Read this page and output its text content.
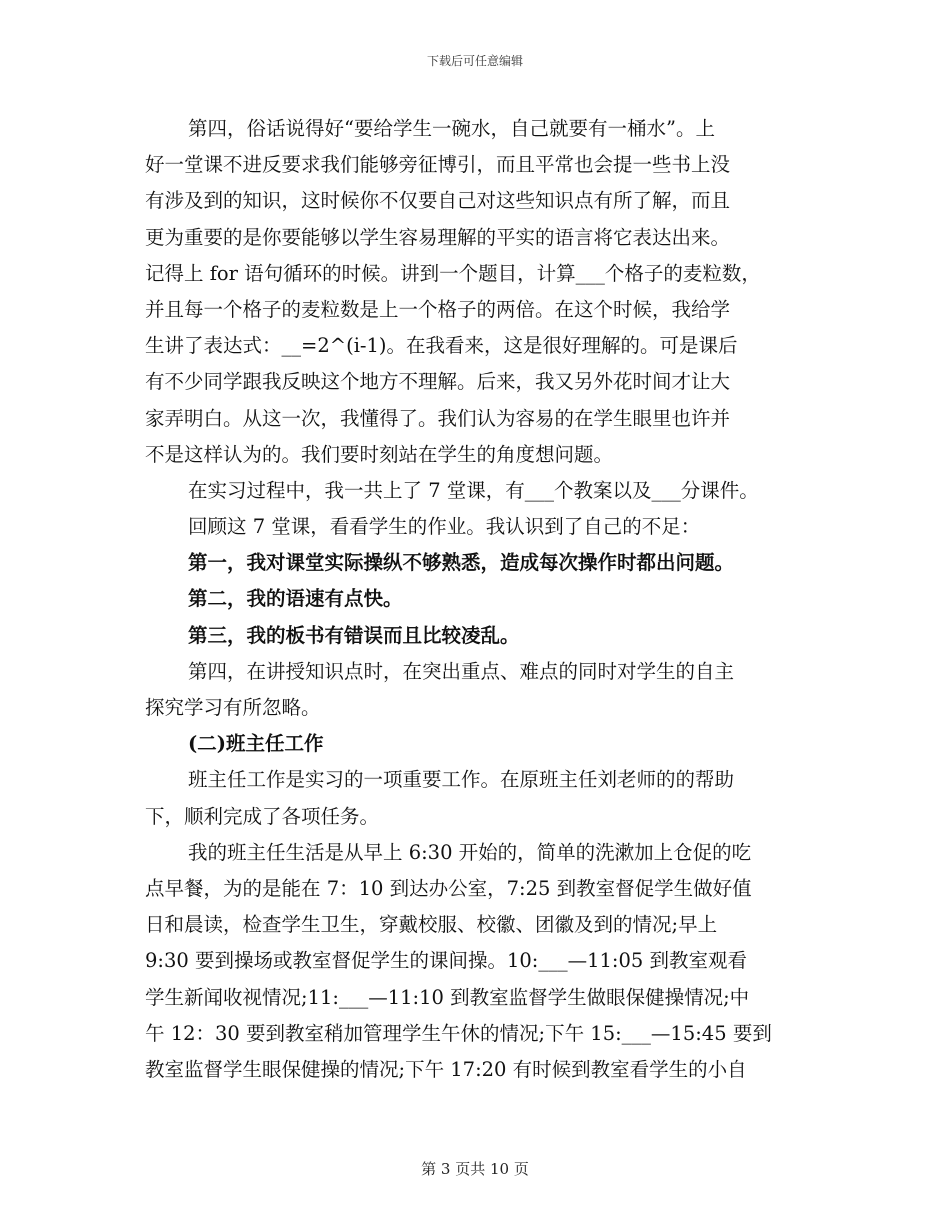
下载后可任意编辑
第四，俗话说得好“要给学生一碗水，自己就要有一桶水”。上
好一堂课不进反要求我们能够旁征博引，而且平常也会提一些书上没
有涉及到的知识，这时候你不仅要自己对这些知识点有所了解，而且
更为重要的是你要能够以学生容易理解的平实的语言将它表达出来。
记得上 for 语句循环的时候。讲到一个题目，计算___个格子的麦粒数，
并且每一个格子的麦粒数是上一个格子的两倍。在这个时候，我给学
生讲了表达式：__=2^(i-1)。在我看来，这是很好理解的。可是课后
有不少同学跟我反映这个地方不理解。后来，我又另外花时间才让大
家弄明白。从这一次，我懂得了。我们认为容易的在学生眼里也许并
不是这样认为的。我们要时刻站在学生的角度想问题。
在实习过程中，我一共上了 7 堂课，有___个教案以及___分课件。
回顾这 7 堂课，看看学生的作业。我认识到了自己的不足：
第一，我对课堂实际操纵不够熟悉，造成每次操作时都出问题。
第二，我的语速有点快。
第三，我的板书有错误而且比较凌乱。
第四，在讲授知识点时，在突出重点、难点的同时对学生的自主
探究学习有所忽略。
(二)班主任工作
班主任工作是实习的一项重要工作。在原班主任刘老师的的帮助
下，顺利完成了各项任务。
我的班主任生活是从早上 6:30 开始的，简单的洗漱加上仓促的吃
点早餐，为的是能在 7：10 到达办公室，7:25 到教室督促学生做好值
日和晨读，检查学生卫生，穿戴校服、校徽、团徽及到的情况;早上
9:30 要到操场或教室督促学生的课间操。10:___—11:05 到教室观看
学生新闻收视情况;11:___—11:10 到教室监督学生做眼保健操情况;中
午 12：30 要到教室稍加管理学生午休的情况;下午 15:___—15:45 要到
教室监督学生眼保健操的情况;下午 17:20 有时候到教室看学生的小自
第 3 页共 10 页
